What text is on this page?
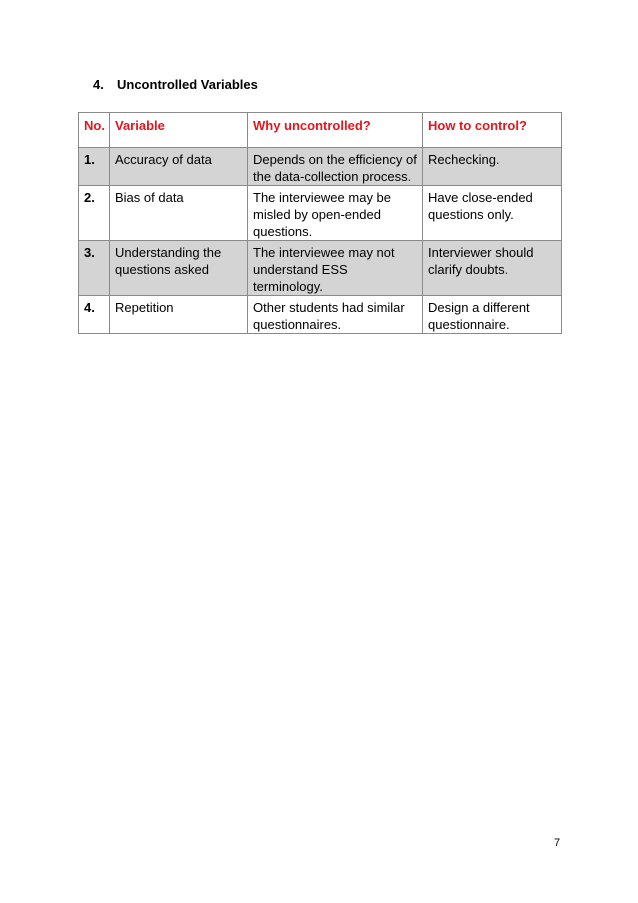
4. Uncontrolled Variables
No.	Variable	Why uncontrolled?	How to control?
1.	Accuracy of data	Depends on the efficiency of the data-collection process.	Rechecking.
2.	Bias of data	The interviewee may be misled by open-ended questions.	Have close-ended questions only.
3.	Understanding the questions asked	The interviewee may not understand ESS terminology.	Interviewer should clarify doubts.
4.	Repetition	Other students had similar questionnaires.	Design a different questionnaire.
7
